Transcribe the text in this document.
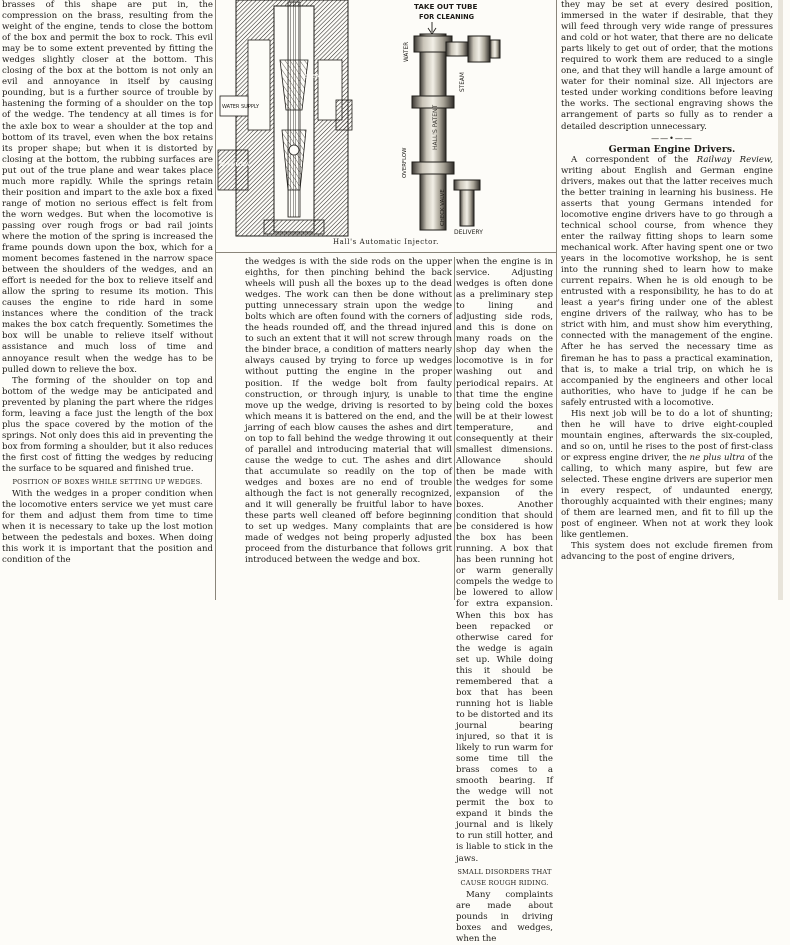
brasses of this shape are put in, the compression on the brass, resulting from the weight of the engine, tends to close the bottom of the box and permit the box to rock. This evil may be to some extent prevented by fitting the wedges slightly closer at the bottom. This closing of the box at the bottom is not only an evil and annoyance in itself by causing pounding, but is a further source of trouble by hastening the forming of a shoulder on the top of the wedge. The tendency at all times is for the axle box to wear a shoulder at the top and bottom of its travel, even when the box retains its proper shape; but when it is distorted by closing at the bottom, the rubbing surfaces are put out of the true plane and wear takes place much more rapidly. While the springs retain their position and impart to the axle box a fixed range of motion no serious effect is felt from the worn wedges. But when the locomotive is passing over rough frogs or bad rail joints where the motion of the spring is increased the frame pounds down upon the box, which for a moment becomes fastened in the narrow space between the shoulders of the wedges, and an effort is needed for the box to relieve itself and allow the spring to resume its motion. This causes the engine to ride hard in some instances where the condition of the track makes the box catch frequently. Sometimes the box will be unable to relieve itself without assistance and much loss of time and annoyance result when the wedge has to be pulled down to relieve the box.

The forming of the shoulder on top and bottom of the wedge may be anticipated and prevented by planing the part where the ridges form, leaving a face just the length of the box plus the space covered by the motion of the springs. Not only does this aid in preventing the box from forming a shoulder, but it also reduces the first cost of fitting the wedges by reducing the surface to be squared and finished true.

POSITION OF BOXES WHILE SETTING UP WEDGES.

With the wedges in a proper condition when the locomotive enters service we yet must care for them and adjust them from time to time when it is necessary to take up the lost motion between the pedestals and boxes. When doing this work it is important that the position and condition of the

STEAM INLET
WATER SUPPLY
OVER FLOW
TAKE OUT TUBE
FOR CLEANING
WATER
STEAM
OVERFLOW
CHECK VALVE
DELIVERY
HALL'S PATENT
Hall's Automatic Injector.

the wedges is with the side rods on the upper eighths, for then pinching behind the back wheels will push all the boxes up to the dead wedges. The work can then be done without putting unnecessary strain upon the wedge bolts which are often found with the corners of the heads rounded off, and the thread injured to such an extent that it will not screw through the binder brace, a condition of matters nearly always caused by trying to force up wedges without putting the engine in the proper position. If the wedge bolt from faulty construction, or through injury, is unable to move up the wedge, driving is resorted to by which means it is battered on the end, and the jarring of each blow causes the ashes and dirt on top to fall behind the wedge throwing it out of parallel and introducing material that will cause the wedge to cut. The ashes and dirt that accumulate so readily on the top of wedges and boxes are no end of trouble although the fact is not generally recognized, and it will generally be fruitful labor to have these parts well cleaned off before beginning to set up wedges. Many complaints that are made of wedges not being properly adjusted proceed from the disturbance that follows grit introduced between the wedge and box.

when the engine is in service. Adjusting wedges is often done as a preliminary step to lining and adjusting side rods, and this is done on many roads on the shop day when the locomotive is in for washing out and periodical repairs. At that time the engine being cold the boxes will be at their lowest temperature, and consequently at their smallest dimensions. Allowance should then be made with the wedges for some expansion of the boxes. Another condition that should be considered is how the box has been running. A box that has been running hot or warm generally compels the wedge to be lowered to allow for extra expansion. When this box has been repacked or otherwise cared for the wedge is again set up. While doing this it should be remembered that a box that has been running hot is liable to be distorted and its journal bearing injured, so that it is likely to run warm for some time till the brass comes to a smooth bearing. If the wedge will not permit the box to expand it binds the journal and is likely to run still hotter, and is liable to stick in the jaws.

SMALL DISORDERS THAT CAUSE ROUGH RIDING.

Many complaints are made about pounds in driving boxes and wedges, when the

they may be set at every desired position, immersed in the water if desirable, that they will feed through very wide range of pressures and cold or hot water, that there are no delicate parts likely to get out of order, that the motions required to work them are reduced to a single one, and that they will handle a large amount of water for their nominal size. All injectors are tested under working conditions before leaving the works. The sectional engraving shows the arrangement of parts so fully as to render a detailed description unnecessary.

——•——

German Engine Drivers.

A correspondent of the Railway Review, writing about English and German engine drivers, makes out that the latter receives much the better training in learning his business. He asserts that young Germans intended for locomotive engine drivers have to go through a technical school course, from whence they enter the railway fitting shops to learn some mechanical work. After having spent one or two years in the locomotive workshop, he is sent into the running shed to learn how to make current repairs. When he is old enough to be entrusted with a responsibility, he has to do at least a year's firing under one of the ablest engine drivers of the railway, who has to be strict with him, and must show him everything, connected with the management of the engine. After he has served the necessary time as fireman he has to pass a practical examination, that is, to make a trial trip, on which he is accompanied by the engineers and other local authorities, who have to judge if he can be safely entrusted with a locomotive.

His next job will be to do a lot of shunting; then he will have to drive eight-coupled mountain engines, afterwards the six-coupled, and so on, until he rises to the post of first-class or express engine driver, the ne plus ultra of the calling, to which many aspire, but few are selected. These engine drivers are superior men in every respect, of undaunted energy, thoroughly acquainted with their engines; many of them are learned men, and fit to fill up the post of engineer. When not at work they look like gentlemen.

This system does not exclude firemen from advancing to the post of engine drivers,
